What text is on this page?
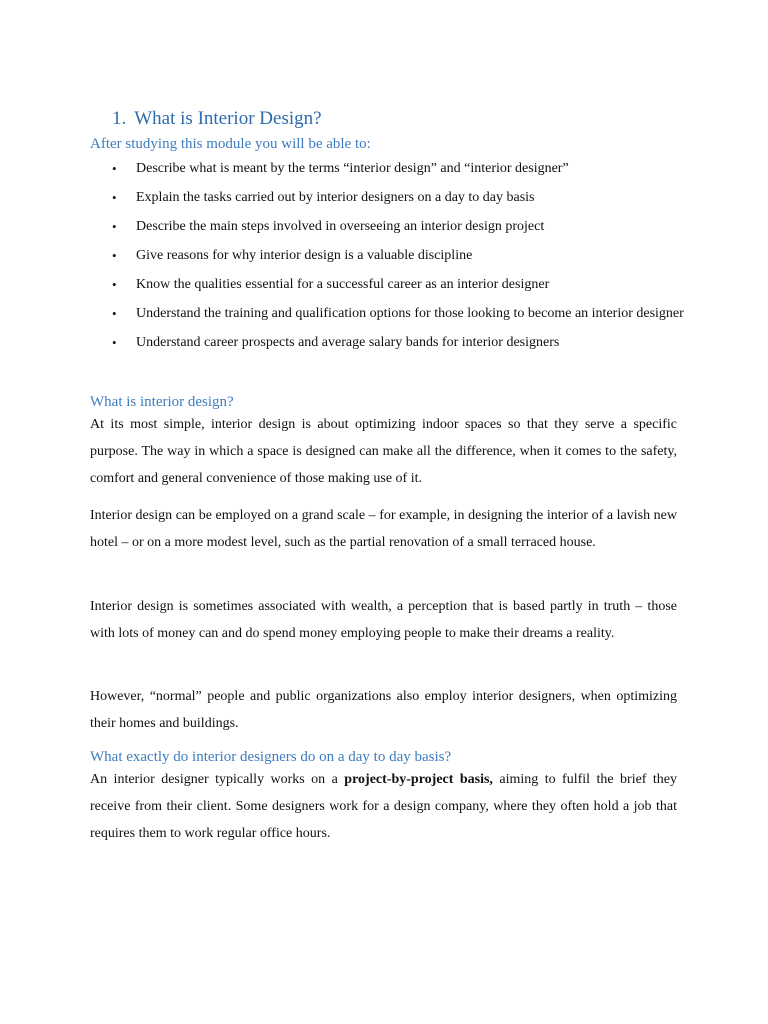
1. What is Interior Design?
After studying this module you will be able to:
• Describe what is meant by the terms “interior design” and “interior designer”
• Explain the tasks carried out by interior designers on a day to day basis
• Describe the main steps involved in overseeing an interior design project
• Give reasons for why interior design is a valuable discipline
• Know the qualities essential for a successful career as an interior designer
• Understand the training and qualification options for those looking to become an interior designer
• Understand career prospects and average salary bands for interior designers
What is interior design?

At its most simple, interior design is about optimizing indoor spaces so that they serve a specific purpose. The way in which a space is designed can make all the difference, when it comes to the safety, comfort and general convenience of those making use of it.

Interior design can be employed on a grand scale – for example, in designing the interior of a lavish new hotel – or on a more modest level, such as the partial renovation of a small terraced house.

Interior design is sometimes associated with wealth, a perception that is based partly in truth – those with lots of money can and do spend money employing people to make their dreams a reality.

However, “normal” people and public organizations also employ interior designers, when optimizing their homes and buildings.

What exactly do interior designers do on a day to day basis?

An interior designer typically works on a project-by-project basis, aiming to fulfil the brief they receive from their client. Some designers work for a design company, where they often hold a job that requires them to work regular office hours.
